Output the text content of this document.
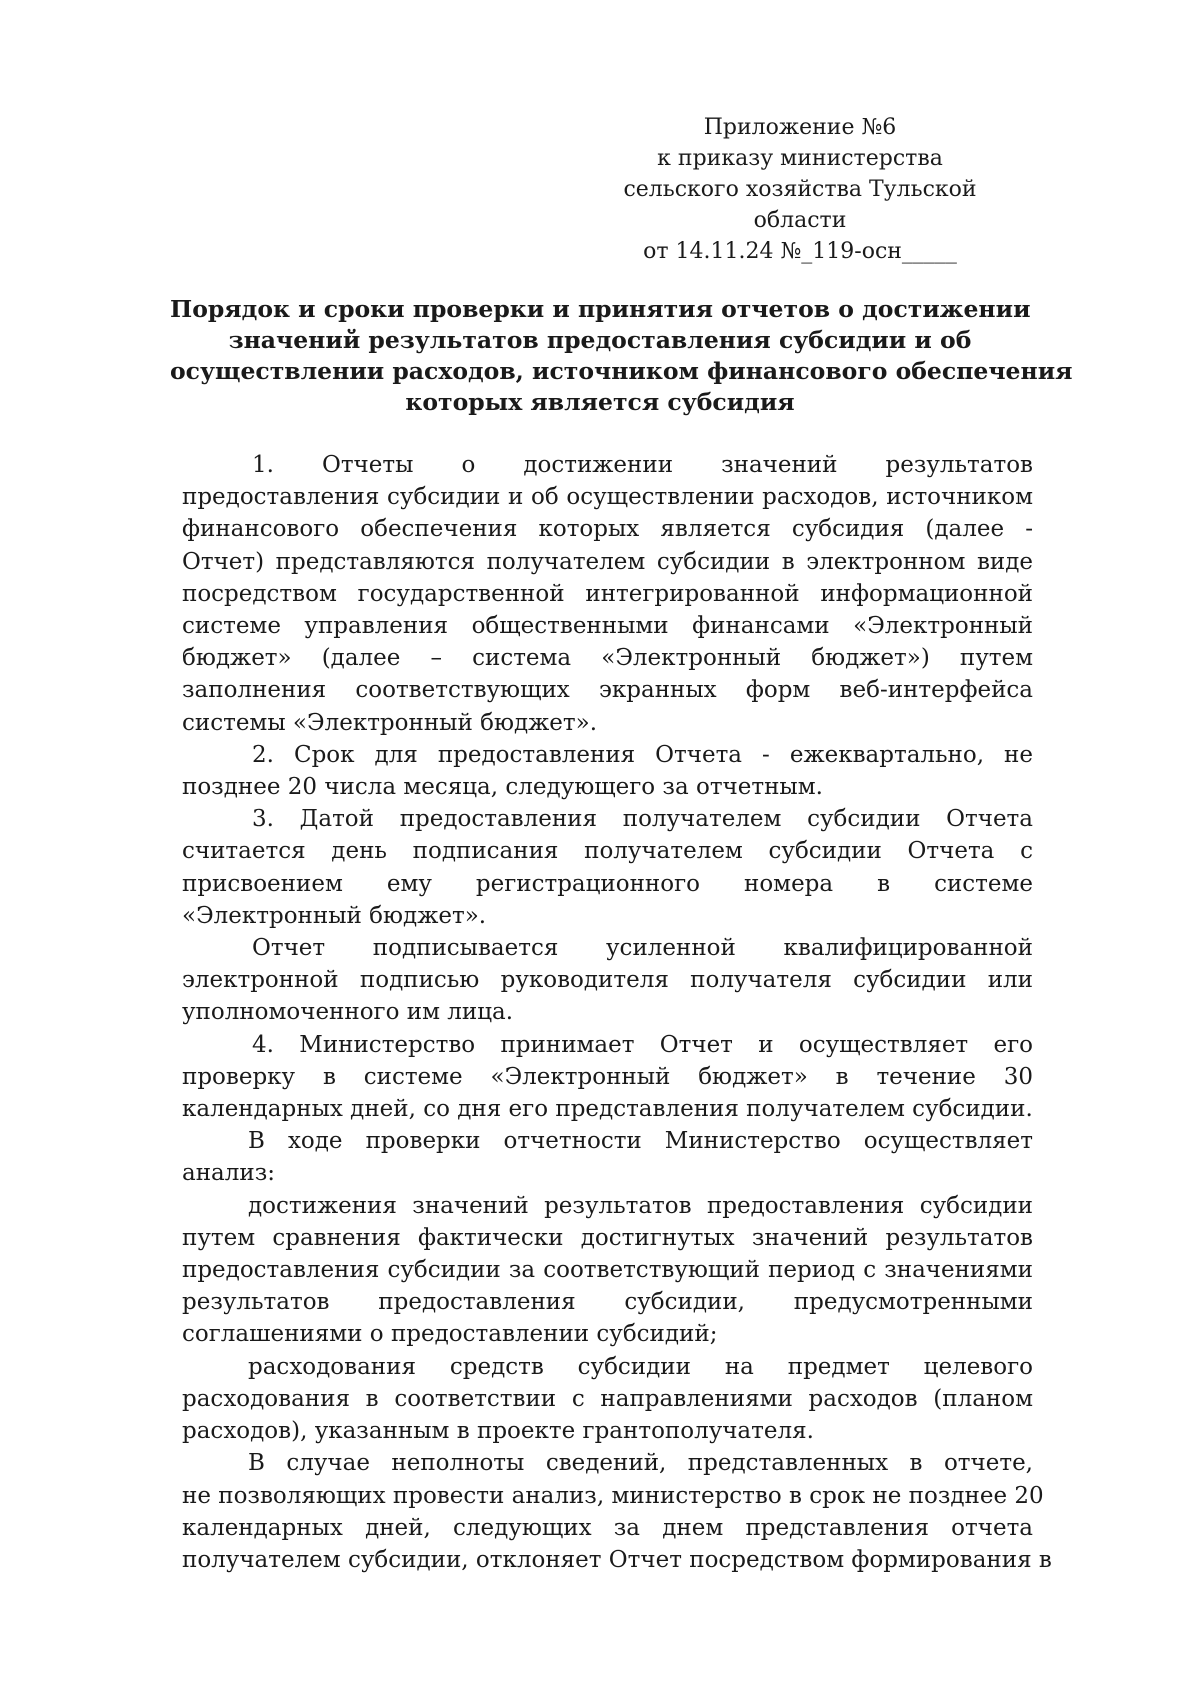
Приложение №6
к приказу министерства
сельского хозяйства Тульской
области
от 14.11.24 №_119-осн_____
Порядок и сроки проверки и принятия отчетов о достижении
значений результатов предоставления субсидии и об
осуществлении расходов, источником финансового обеспечения
которых является субсидия

1. Отчеты о достижении значений результатов предоставления субсидии и об осуществлении расходов, источником финансового обеспечения которых является субсидия (далее - Отчет) представляются получателем субсидии в электронном виде посредством государственной интегрированной информационной системе управления общественными финансами «Электронный бюджет» (далее – система «Электронный бюджет») путем заполнения соответствующих экранных форм веб-интерфейса системы «Электронный бюджет».

2. Срок для предоставления Отчета - ежеквартально, не позднее 20 числа месяца, следующего за отчетным.

3. Датой предоставления получателем субсидии Отчета считается день подписания получателем субсидии Отчета с присвоением ему регистрационного номера в системе «Электронный бюджет».

Отчет подписывается усиленной квалифицированной электронной подписью руководителя получателя субсидии или уполномоченного им лица.

4. Министерство принимает Отчет и осуществляет его проверку в системе «Электронный бюджет» в течение 30 календарных дней, со дня его представления получателем субсидии.

В ходе проверки отчетности Министерство осуществляет анализ:

достижения значений результатов предоставления субсидии путем сравнения фактически достигнутых значений результатов предоставления субсидии за соответствующий период с значениями результатов предоставления субсидии, предусмотренными соглашениями о предоставлении субсидий;

расходования средств субсидии на предмет целевого расходования в соответствии с направлениями расходов (планом расходов), указанным в проекте грантополучателя.

В случае неполноты сведений, представленных в отчете,
не позволяющих провести анализ, министерство в срок не позднее 20
календарных дней, следующих за днем представления отчета
получателем субсидии, отклоняет Отчет посредством формирования в
